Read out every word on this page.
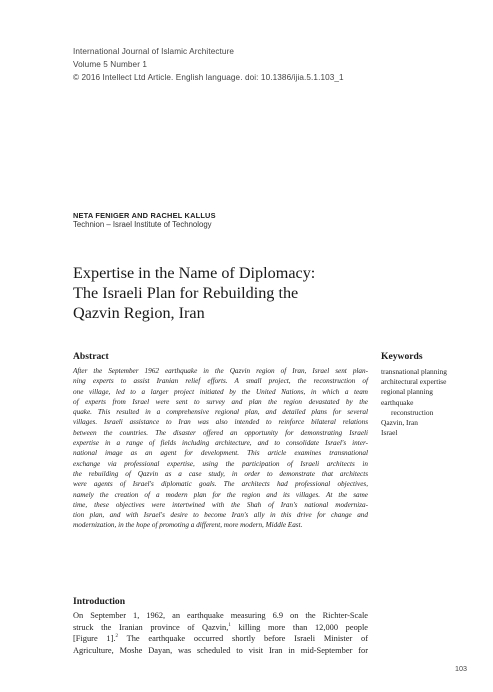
International Journal of Islamic Architecture
Volume 5 Number 1
© 2016 Intellect Ltd Article. English language. doi: 10.1386/ijia.5.1.103_1
NETA FENIGER AND RACHEL KALLUS
Technion – Israel Institute of Technology
Expertise in the Name of Diplomacy:
The Israeli Plan for Rebuilding the
Qazvin Region, Iran
Abstract
After the September 1962 earthquake in the Qazvin region of Iran, Israel sent plan-
ning experts to assist Iranian relief efforts. A small project, the reconstruction of
one village, led to a larger project initiated by the United Nations, in which a team
of experts from Israel were sent to survey and plan the region devastated by the
quake. This resulted in a comprehensive regional plan, and detailed plans for several
villages. Israeli assistance to Iran was also intended to reinforce bilateral relations
between the countries. The disaster offered an opportunity for demonstrating Israeli
expertise in a range of fields including architecture, and to consolidate Israel's inter-
national image as an agent for development. This article examines transnational
exchange via professional expertise, using the participation of Israeli architects in
the rebuilding of Qazvin as a case study, in order to demonstrate that architects
were agents of Israel's diplomatic goals. The architects had professional objectives,
namely the creation of a modern plan for the region and its villages. At the same
time, these objectives were intertwined with the Shah of Iran's national moderniza-
tion plan, and with Israel's desire to become Iran's ally in this drive for change and
modernization, in the hope of promoting a different, more modern, Middle East.
Keywords
transnational planning
architectural expertise
regional planning
earthquake
reconstruction
Qazvin, Iran
Israel
Introduction
On September 1, 1962, an earthquake measuring 6.9 on the Richter-Scale
struck the Iranian province of Qazvin,$^1$ killing more than 12,000 people
[Figure 1].$^2$ The earthquake occurred shortly before Israeli Minister of
Agriculture, Moshe Dayan, was scheduled to visit Iran in mid-September for
103
